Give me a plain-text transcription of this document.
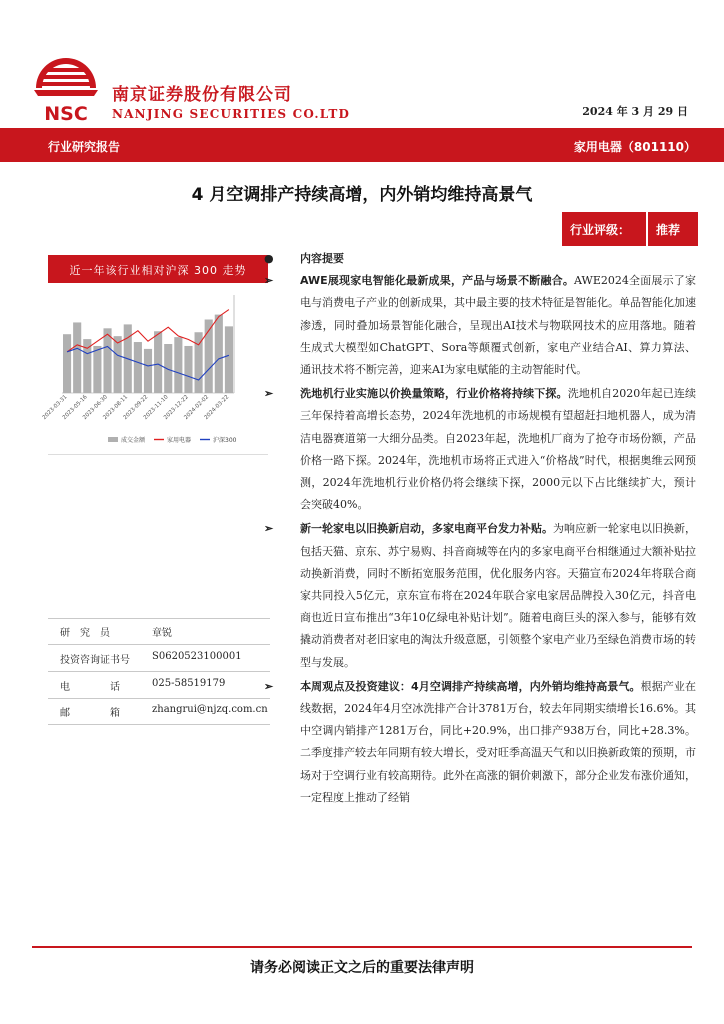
NSC
南京证券股份有限公司
NANJING SECURITIES CO.LTD	2024 年 3 月 29 日
行业研究报告	家用电器（801110）
4 月空调排产持续高增，内外销均维持高景气
行业评级： 推荐
近一年该行业相对沪深 300 走势
2023-03-31
2023-05-16
2023-06-30
2023-08-11
2023-09-22
2023-11-10
2023-12-22
2024-02-02
2024-03-22
成交金额	家用电器	沪深300
研　究　员	章锐
投资咨询证书号 S0620523100001
电　　　　话	025-58519179
邮　　　　箱	zhangrui@njzq.com.cn

● 内容提要

➢ AWE展现家电智能化最新成果，产品与场景不断融合。AWE2024全面展示了家电与消费电子产业的创新成果，其中最主要的技术特征是智能化。单品智能化加速渗透，同时叠加场景智能化融合，呈现出AI技术与物联网技术的应用落地。随着生成式大模型如ChatGPT、Sora等颠覆式创新，家电产业结合AI、算力算法、通讯技术将不断完善，迎来AI为家电赋能的主动智能时代。

➢ 洗地机行业实施以价换量策略，行业价格将持续下探。洗地机自2020年起已连续三年保持着高增长态势，2024年洗地机的市场规模有望超赶扫地机器人，成为清洁电器赛道第一大细分品类。自2023年起，洗地机厂商为了抢夺市场份额，产品价格一路下探。2024年，洗地机市场将正式进入“价格战”时代，根据奥维云网预测，2024年洗地机行业价格仍将会继续下探，2000元以下占比继续扩大，预计会突破40%。

➢ 新一轮家电以旧换新启动，多家电商平台发力补贴。为响应新一轮家电以旧换新，包括天猫、京东、苏宁易购、抖音商城等在内的多家电商平台相继通过大额补贴拉动换新消费，同时不断拓宽服务范围，优化服务内容。天猫宣布2024年将联合商家共同投入5亿元，京东宣布将在2024年联合家电家居品牌投入30亿元，抖音电商也近日宣布推出“3年10亿绿电补贴计划”。随着电商巨头的深入参与，能够有效撬动消费者对老旧家电的淘汰升级意愿，引领整个家电产业乃至绿色消费市场的转型与发展。

➢ 本周观点及投资建议：4月空调排产持续高增，内外销均维持高景气。根据产业在线数据，2024年4月空冰洗排产合计3781万台，较去年同期实绩增长16.6%。其中空调内销排产1281万台，同比+20.9%，出口排产938万台，同比+28.3%。二季度排产较去年同期有较大增长，受对旺季高温天气和以旧换新政策的预期，市场对于空调行业有较高期待。此外在高涨的铜价刺激下，部分企业发布涨价通知，一定程度上推动了经销

请务必阅读正文之后的重要法律声明
